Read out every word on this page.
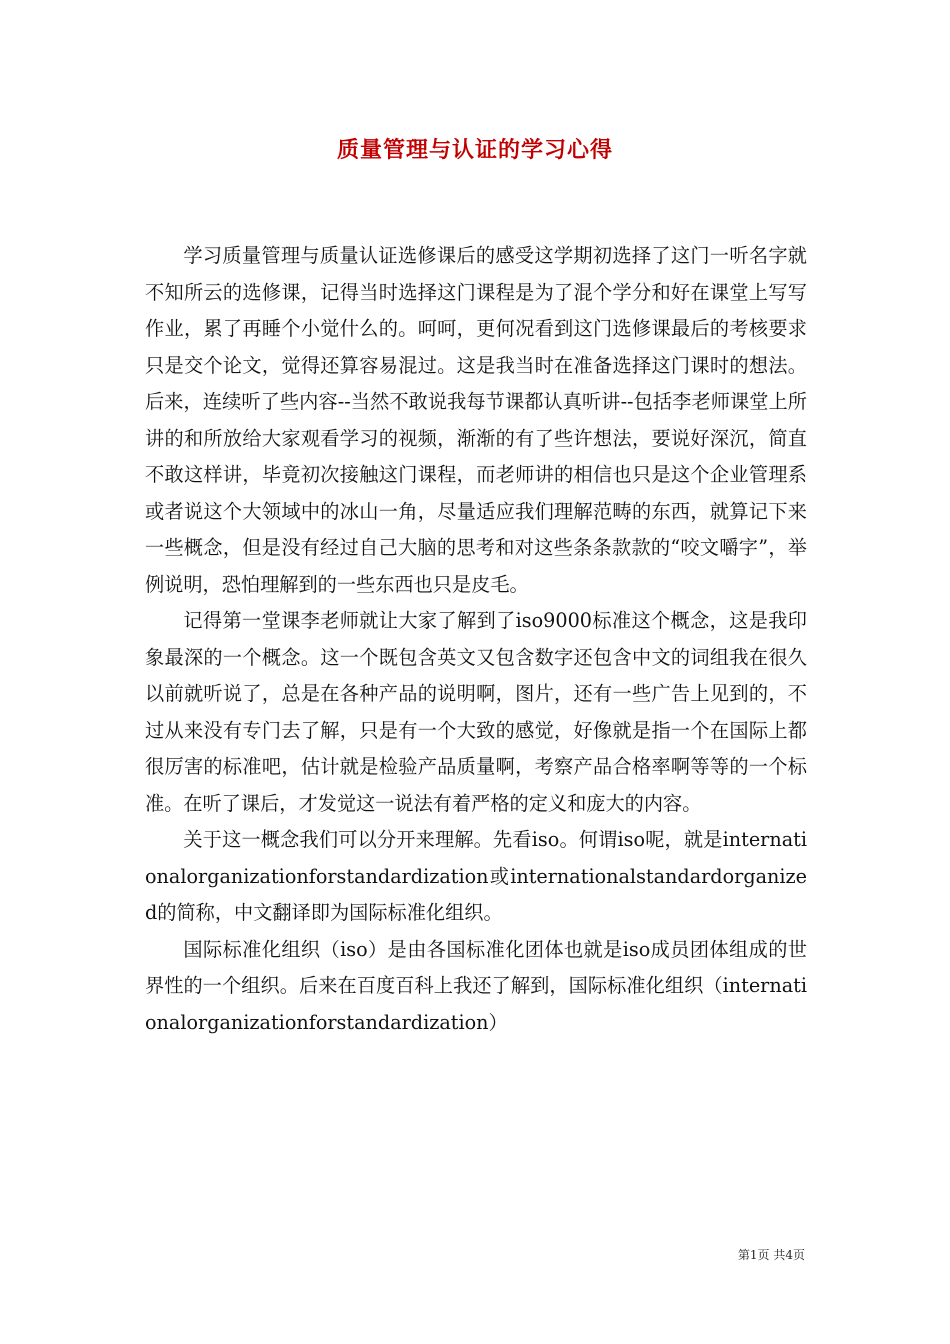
质量管理与认证的学习心得

学习质量管理与质量认证选修课后的感受这学期初选择了这门一听名字就不知所云的选修课，记得当时选择这门课程是为了混个学分和好在课堂上写写作业，累了再睡个小觉什么的。呵呵，更何况看到这门选修课最后的考核要求只是交个论文，觉得还算容易混过。这是我当时在准备选择这门课时的想法。后来，连续听了些内容--当然不敢说我每节课都认真听讲--包括李老师课堂上所讲的和所放给大家观看学习的视频，渐渐的有了些许想法，要说好深沉，简直不敢这样讲，毕竟初次接触这门课程，而老师讲的相信也只是这个企业管理系或者说这个大领域中的冰山一角，尽量适应我们理解范畴的东西，就算记下来一些概念，但是没有经过自己大脑的思考和对这些条条款款的“咬文嚼字”，举例说明，恐怕理解到的一些东西也只是皮毛。

记得第一堂课李老师就让大家了解到了iso9000标准这个概念，这是我印象最深的一个概念。这一个既包含英文又包含数字还包含中文的词组我在很久以前就听说了，总是在各种产品的说明啊，图片，还有一些广告上见到的，不过从来没有专门去了解，只是有一个大致的感觉，好像就是指一个在国际上都很厉害的标准吧，估计就是检验产品质量啊，考察产品合格率啊等等的一个标准。在听了课后，才发觉这一说法有着严格的定义和庞大的内容。

关于这一概念我们可以分开来理解。先看iso。何谓iso呢，就是internationalorganizationforstandardization或internationalstandardorganized的简称，中文翻译即为国际标准化组织。

国际标准化组织（iso）是由各国标准化团体也就是iso成员团体组成的世界性的一个组织。后来在百度百科上我还了解到，国际标准化组织（internationalorganizationforstandardization）

第1页 共4页
